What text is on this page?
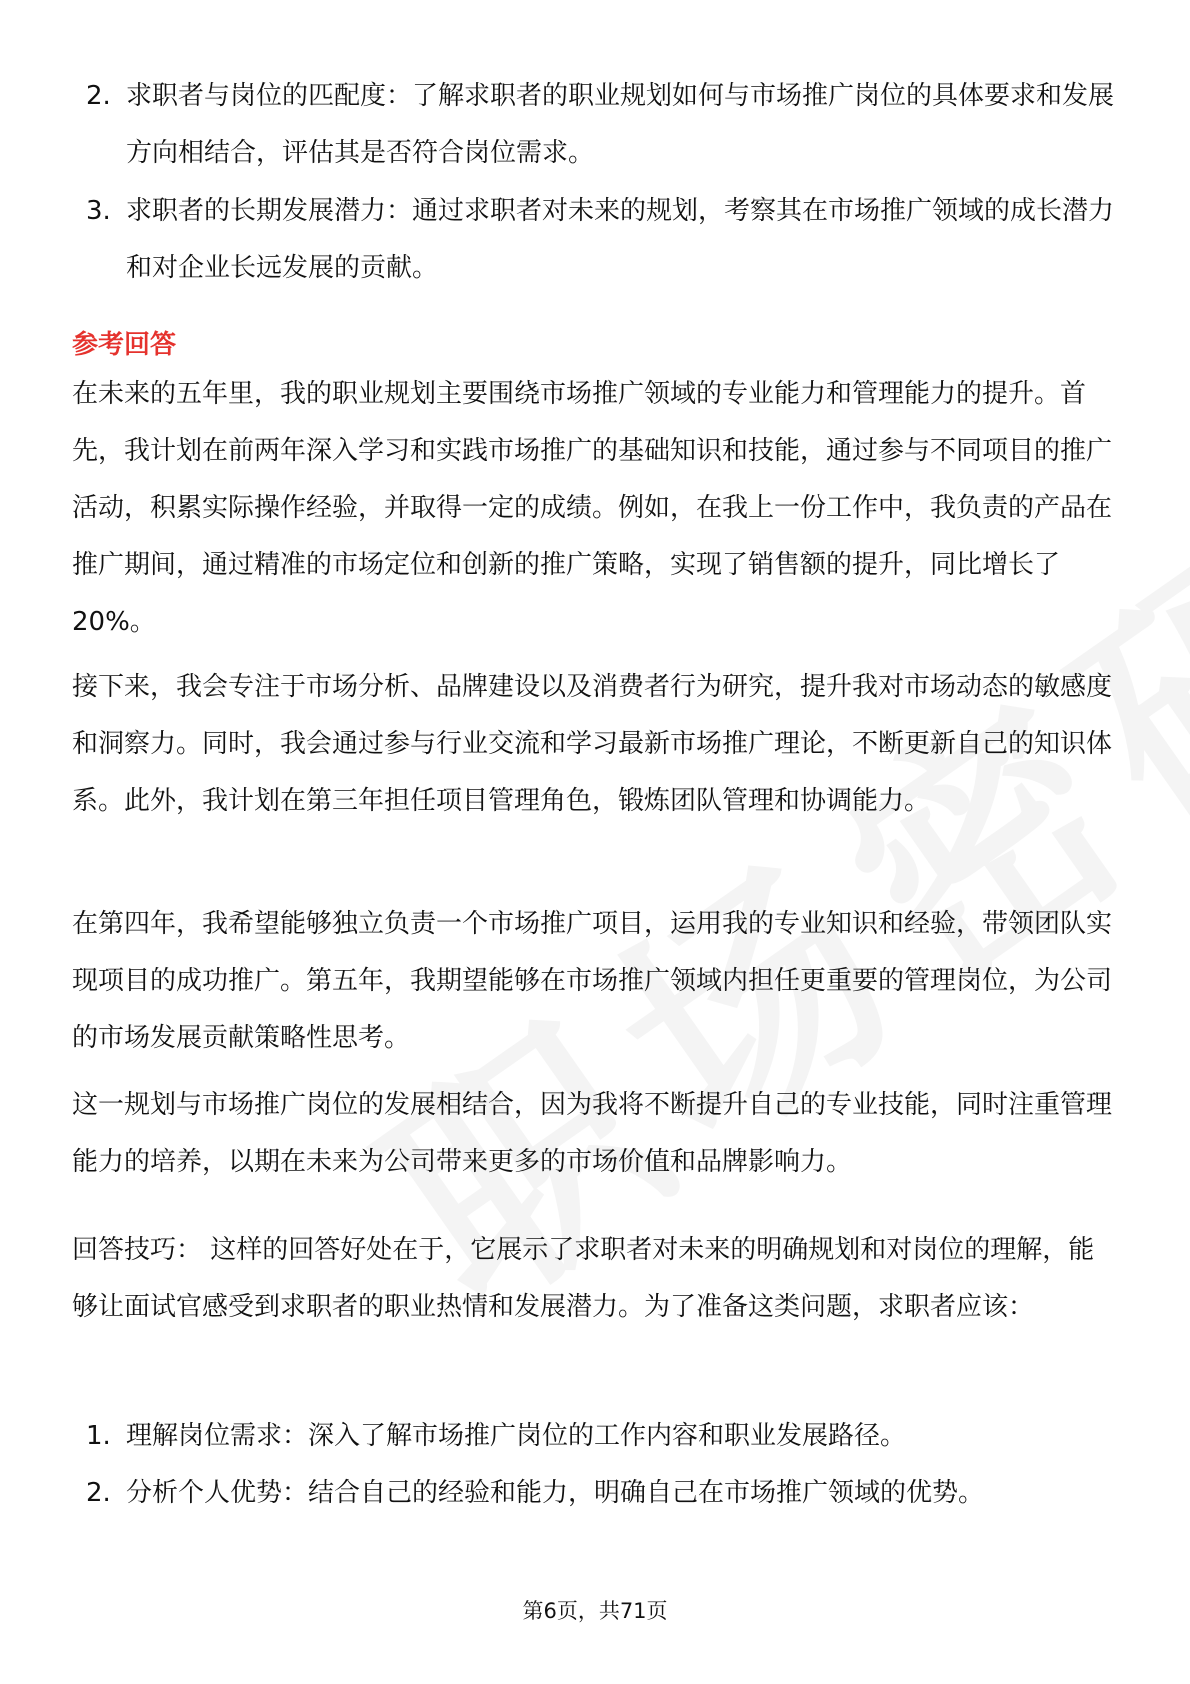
2. 求职者与岗位的匹配度：了解求职者的职业规划如何与市场推广岗位的具体要求和发展方向相结合，评估其是否符合岗位需求。
3. 求职者的长期发展潜力：通过求职者对未来的规划，考察其在市场推广领域的成长潜力和对企业长远发展的贡献。
参考回答

在未来的五年里，我的职业规划主要围绕市场推广领域的专业能力和管理能力的提升。首先，我计划在前两年深入学习和实践市场推广的基础知识和技能，通过参与不同项目的推广活动，积累实际操作经验，并取得一定的成绩。例如，在我上一份工作中，我负责的产品在推广期间，通过精准的市场定位和创新的推广策略，实现了销售额的提升，同比增长了20%。

接下来，我会专注于市场分析、品牌建设以及消费者行为研究，提升我对市场动态的敏感度和洞察力。同时，我会通过参与行业交流和学习最新市场推广理论，不断更新自己的知识体系。此外，我计划在第三年担任项目管理角色，锻炼团队管理和协调能力。

在第四年，我希望能够独立负责一个市场推广项目，运用我的专业知识和经验，带领团队实现项目的成功推广。第五年，我期望能够在市场推广领域内担任更重要的管理岗位，为公司的市场发展贡献策略性思考。

这一规划与市场推广岗位的发展相结合，因为我将不断提升自己的专业技能，同时注重管理能力的培养，以期在未来为公司带来更多的市场价值和品牌影响力。

回答技巧： 这样的回答好处在于，它展示了求职者对未来的明确规划和对岗位的理解，能够让面试官感受到求职者的职业热情和发展潜力。为了准备这类问题，求职者应该：

1. 理解岗位需求：深入了解市场推广岗位的工作内容和职业发展路径。
2. 分析个人优势：结合自己的经验和能力，明确自己在市场推广领域的优势。
第6页，共71页
